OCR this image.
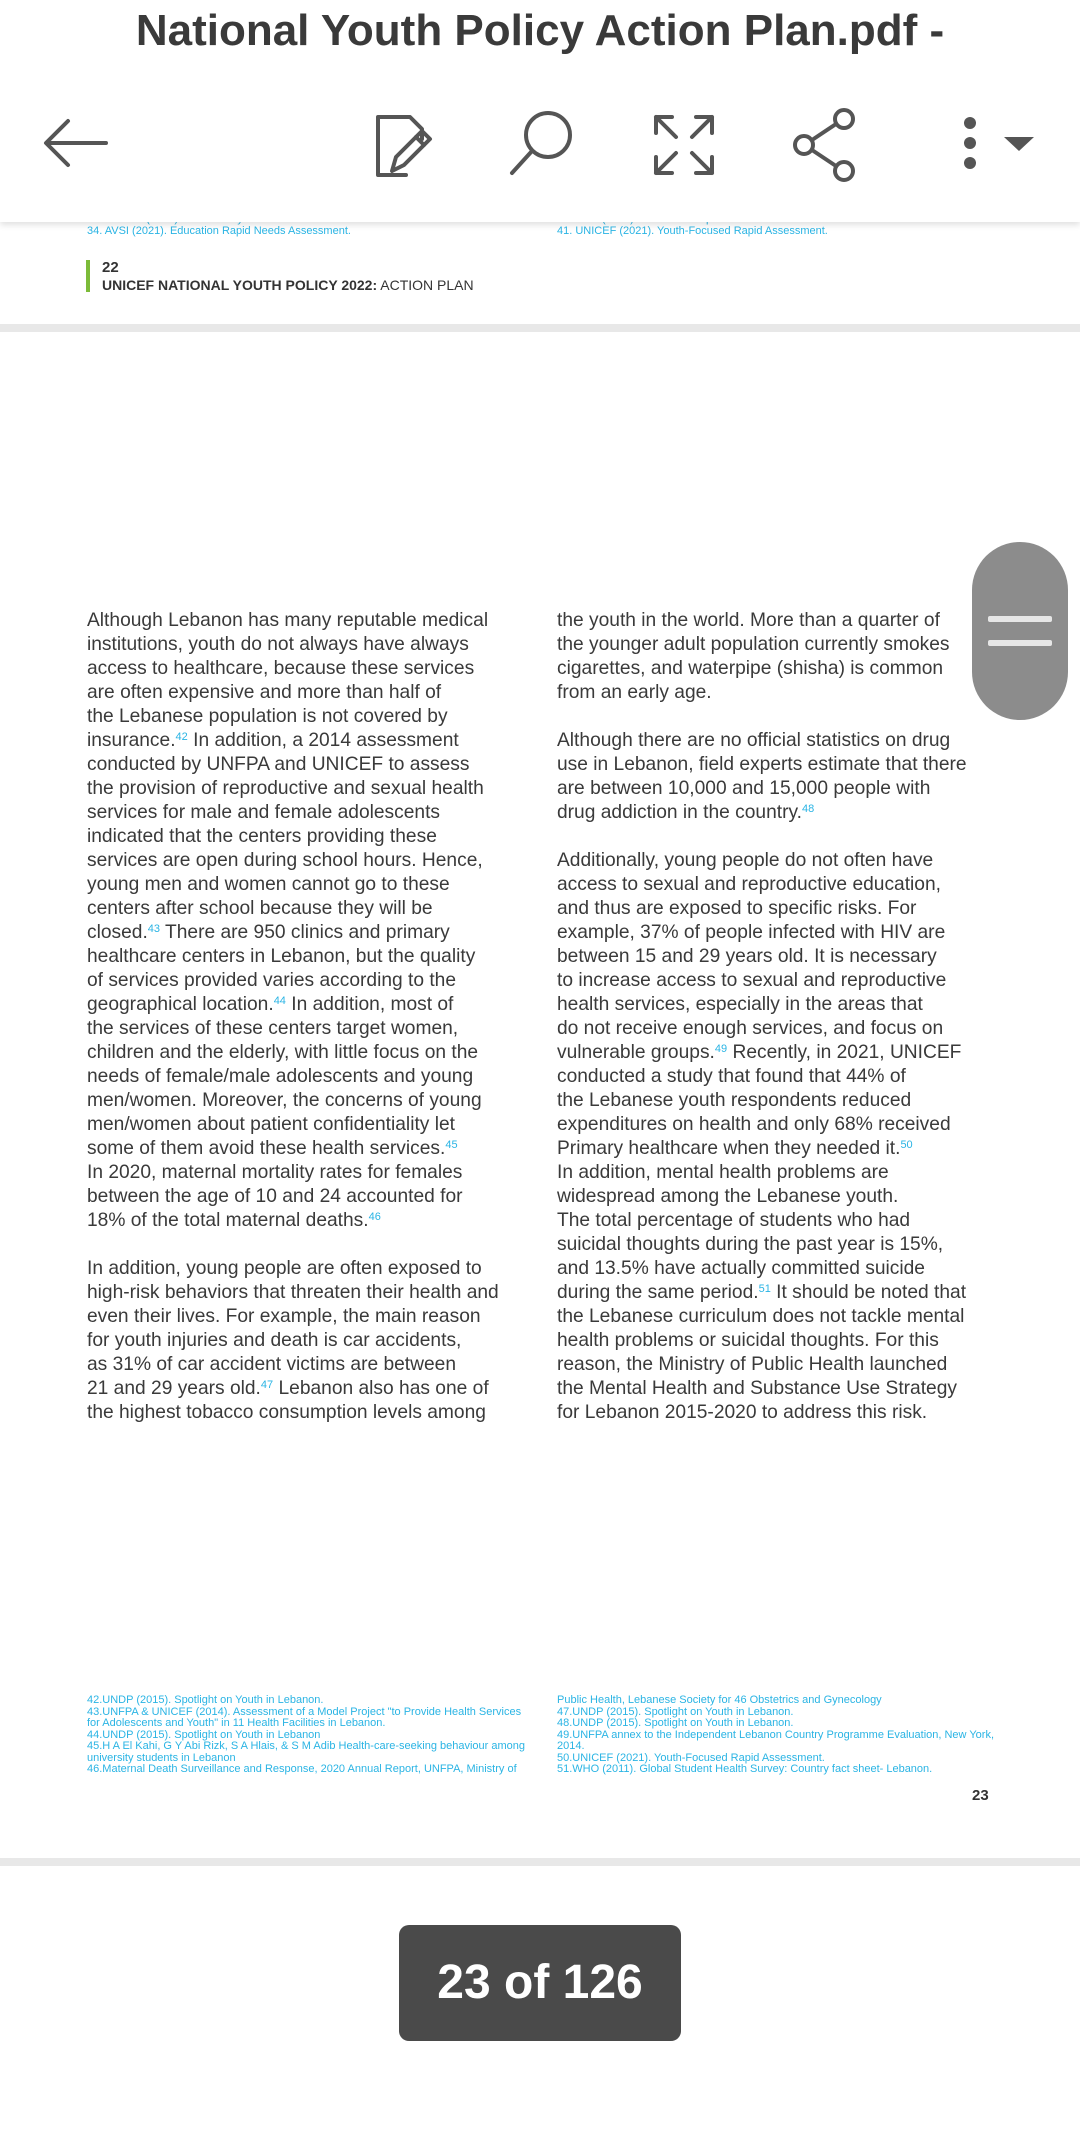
34. AVSI (2021). Education Rapid Needs Assessment.	41. UNICEF (2021). Youth-Focused Rapid Assessment.
22
UNICEF NATIONAL YOUTH POLICY 2022: ACTION PLAN

Although Lebanon has many reputable medical

institutions, youth do not always have always

access to healthcare, because these services

are often expensive and more than half of

the Lebanese population is not covered by

insurance.$^{42}$ In addition, a 2014 assessment

conducted by UNFPA and UNICEF to assess

the provision of reproductive and sexual health

services for male and female adolescents

indicated that the centers providing these

services are open during school hours. Hence,

young men and women cannot go to these

centers after school because they will be

closed.$^{43}$ There are 950 clinics and primary

healthcare centers in Lebanon, but the quality

of services provided varies according to the

geographical location.$^{44}$ In addition, most of

the services of these centers target women,

children and the elderly, with little focus on the

needs of female/male adolescents and young

men/women. Moreover, the concerns of young

men/women about patient confidentiality let

some of them avoid these health services.$^{45}$

In 2020, maternal mortality rates for females

between the age of 10 and 24 accounted for

18% of the total maternal deaths.$^{46}$

In addition, young people are often exposed to

high-risk behaviors that threaten their health and

even their lives. For example, the main reason

for youth injuries and death is car accidents,

as 31% of car accident victims are between

21 and 29 years old.$^{47}$ Lebanon also has one of

the highest tobacco consumption levels among

the youth in the world. More than a quarter of

the younger adult population currently smokes

cigarettes, and waterpipe (shisha) is common

from an early age.

Although there are no official statistics on drug

use in Lebanon, field experts estimate that there

are between 10,000 and 15,000 people with

drug addiction in the country.$^{48}$

Additionally, young people do not often have

access to sexual and reproductive education,

and thus are exposed to specific risks. For

example, 37% of people infected with HIV are

between 15 and 29 years old. It is necessary

to increase access to sexual and reproductive

health services, especially in the areas that

do not receive enough services, and focus on

vulnerable groups.$^{49}$ Recently, in 2021, UNICEF

conducted a study that found that 44% of

the Lebanese youth respondents reduced

expenditures on health and only 68% received

Primary healthcare when they needed it.$^{50}$

In addition, mental health problems are

widespread among the Lebanese youth.

The total percentage of students who had

suicidal thoughts during the past year is 15%,

and 13.5% have actually committed suicide

during the same period.$^{51}$ It should be noted that

the Lebanese curriculum does not tackle mental

health problems or suicidal thoughts. For this

reason, the Ministry of Public Health launched

the Mental Health and Substance Use Strategy

for Lebanon 2015-2020 to address this risk.

42.UNDP (2015). Spotlight on Youth in Lebanon.
43.UNFPA & UNICEF (2014). Assessment of a Model Project "to Provide Health Services
for Adolescents and Youth" in 11 Health Facilities in Lebanon.
44.UNDP (2015). Spotlight on Youth in Lebanon
45.H A El Kahi, G Y Abi Rizk, S A Hlais, & S M Adib Health-care-seeking behaviour among
university students in Lebanon
46.Maternal Death Surveillance and Response, 2020 Annual Report, UNFPA, Ministry of
Public Health, Lebanese Society for 46 Obstetrics and Gynecology
47.UNDP (2015). Spotlight on Youth in Lebanon.
48.UNDP (2015). Spotlight on Youth in Lebanon.
49.UNFPA annex to the Independent Lebanon Country Programme Evaluation, New York,
2014.
50.UNICEF (2021). Youth-Focused Rapid Assessment.
51.WHO (2011). Global Student Health Survey: Country fact sheet- Lebanon.
23
National Youth Policy Action Plan.pdf -
23 of 126
